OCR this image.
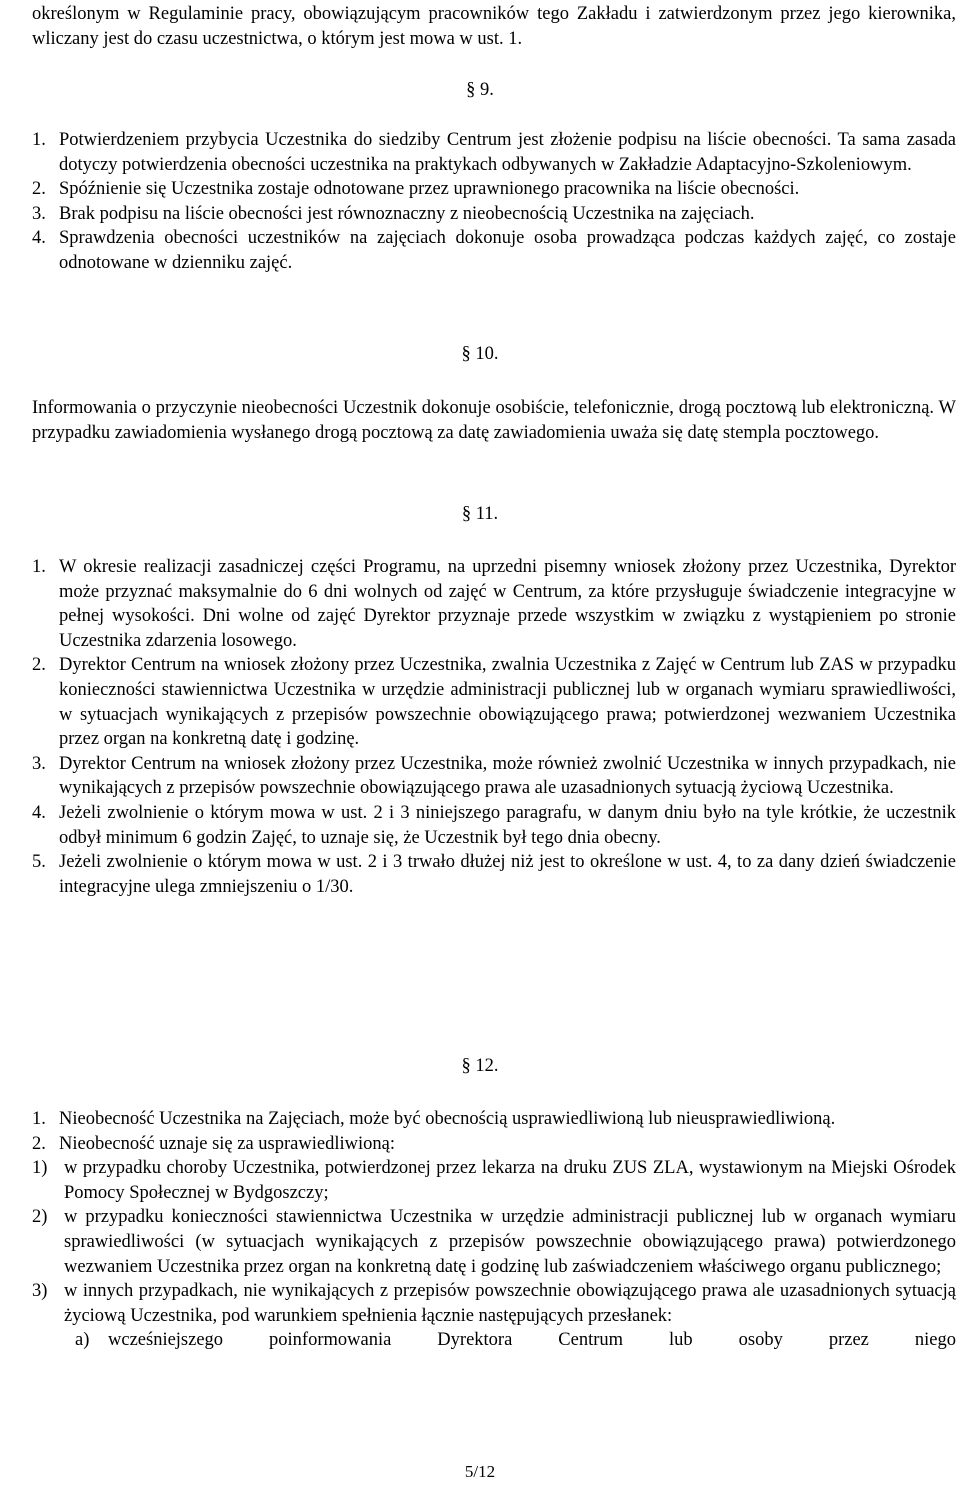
określonym w Regulaminie pracy, obowiązującym pracowników tego Zakładu i zatwierdzonym przez jego kierownika, wliczany jest do czasu uczestnictwa, o którym jest mowa w ust. 1.

§ 9.
1. Potwierdzeniem przybycia Uczestnika do siedziby Centrum jest złożenie podpisu na liście obecności. Ta sama zasada dotyczy potwierdzenia obecności uczestnika na praktykach odbywanych w Zakładzie Adaptacyjno-Szkoleniowym.

2. Spóźnienie się Uczestnika zostaje odnotowane przez uprawnionego pracownika na liście obecności.

3. Brak podpisu na liście obecności jest równoznaczny z nieobecnością Uczestnika na zajęciach.

4. Sprawdzenia obecności uczestników na zajęciach dokonuje osoba prowadząca podczas każdych zajęć, co zostaje odnotowane w dzienniku zajęć.

§ 10.

Informowania o przyczynie nieobecności Uczestnik dokonuje osobiście, telefonicznie, drogą pocztową lub elektroniczną. W przypadku zawiadomienia wysłanego drogą pocztową za datę zawiadomienia uważa się datę stempla pocztowego.

§ 11.
1. W okresie realizacji zasadniczej części Programu, na uprzedni pisemny wniosek złożony przez Uczestnika, Dyrektor może przyznać maksymalnie do 6 dni wolnych od zajęć w Centrum, za które przysługuje świadczenie integracyjne w pełnej wysokości. Dni wolne od zajęć Dyrektor przyznaje przede wszystkim w związku z wystąpieniem po stronie Uczestnika zdarzenia losowego.

2. Dyrektor Centrum na wniosek złożony przez Uczestnika, zwalnia Uczestnika z Zajęć w Centrum lub ZAS w przypadku konieczności stawiennictwa Uczestnika w urzędzie administracji publicznej lub w organach wymiaru sprawiedliwości, w sytuacjach wynikających z przepisów powszechnie obowiązującego prawa; potwierdzonej wezwaniem Uczestnika przez organ na konkretną datę i godzinę.

3. Dyrektor Centrum na wniosek złożony przez Uczestnika, może również zwolnić Uczestnika w innych przypadkach, nie wynikających z przepisów powszechnie obowiązującego prawa ale uzasadnionych sytuacją życiową Uczestnika.

4. Jeżeli zwolnienie o którym mowa w ust. 2 i 3 niniejszego paragrafu, w danym dniu było na tyle krótkie, że uczestnik odbył minimum 6 godzin Zajęć, to uznaje się, że Uczestnik był tego dnia obecny.

5. Jeżeli zwolnienie o którym mowa w ust. 2 i 3 trwało dłużej niż jest to określone w ust. 4, to za dany dzień świadczenie integracyjne ulega zmniejszeniu o 1/30.

§ 12.
1. Nieobecność Uczestnika na Zajęciach, może być obecnością usprawiedliwioną lub nieusprawiedliwioną.

2. Nieobecność uznaje się za usprawiedliwioną:

1) w przypadku choroby Uczestnika, potwierdzonej przez lekarza na druku ZUS ZLA, wystawionym na Miejski Ośrodek Pomocy Społecznej w Bydgoszczy;

2) w przypadku konieczności stawiennictwa Uczestnika w urzędzie administracji publicznej lub w organach wymiaru sprawiedliwości (w sytuacjach wynikających z przepisów powszechnie obowiązującego prawa) potwierdzonego wezwaniem Uczestnika przez organ na konkretną datę i godzinę lub zaświadczeniem właściwego organu publicznego;

3) w innych przypadkach, nie wynikających z przepisów powszechnie obowiązującego prawa ale uzasadnionych sytuacją życiową Uczestnika, pod warunkiem spełnienia łącznie następujących przesłanek:

a) wcześniejszego poinformowania Dyrektora Centrum lub osoby przez niego

5/12
